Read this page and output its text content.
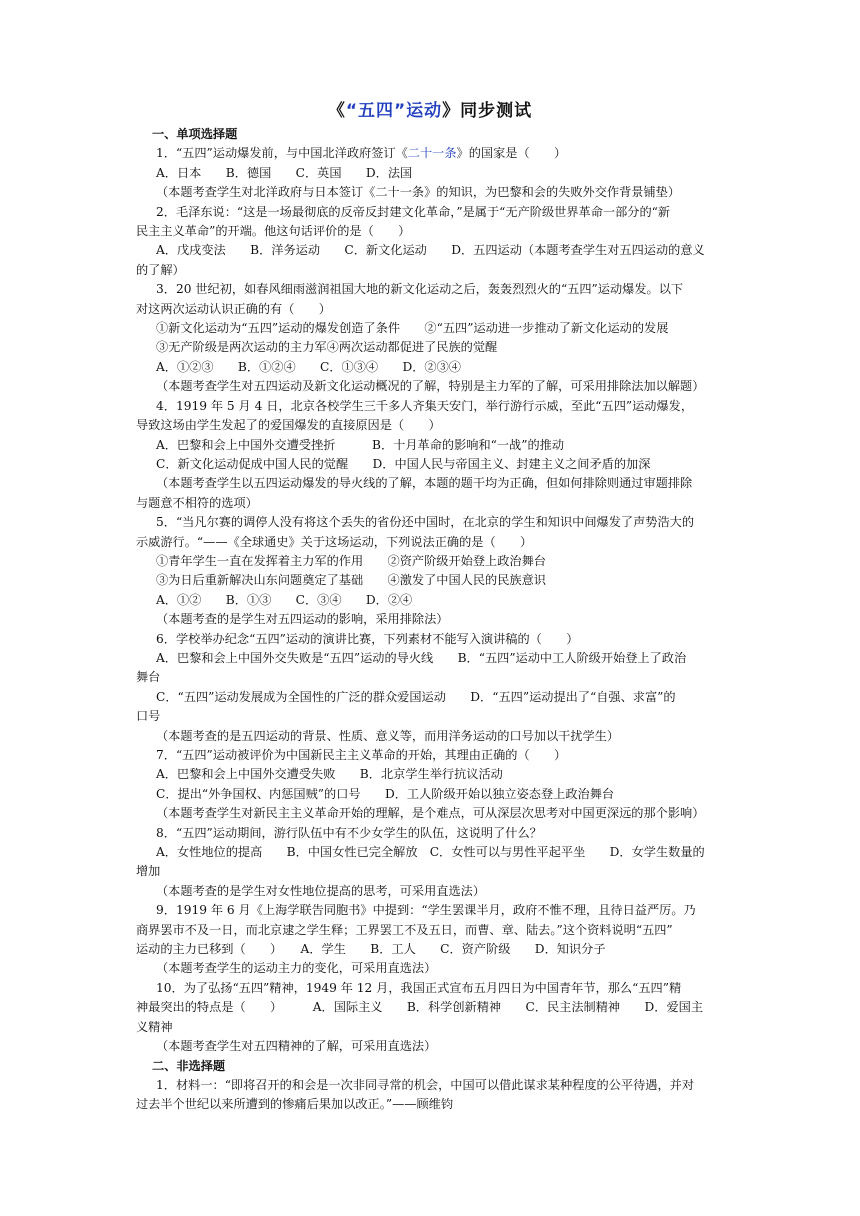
《“五四”运动》同步测试
一、单项选择题
1．“五四”运动爆发前，与中国北洋政府签订《二十一条》的国家是（　　）
A．日本　　B．德国　　C．英国　　D．法国
（本题考查学生对北洋政府与日本签订《二十一条》的知识，为巴黎和会的失败外交作背景铺垫）
2．毛泽东说：“这是一场最彻底的反帝反封建文化革命，”是属于“无产阶级世界革命一部分的“新
民主主义革命”的开端。他这句话评价的是（　　）
A．戊戌变法　　B．洋务运动　　C．新文化运动　　D．五四运动（本题考查学生对五四运动的意义
的了解）
3．20 世纪初，如春风细雨滋润祖国大地的新文化运动之后，轰轰烈烈火的“五四”运动爆发。以下
对这两次运动认识正确的有（　　）
①新文化运动为“五四”运动的爆发创造了条件　　②“五四”运动进一步推动了新文化运动的发展
③无产阶级是两次运动的主力军④两次运动都促进了民族的觉醒
A．①②③　　B．①②④　　C．①③④　　D．②③④
（本题考查学生对五四运动及新文化运动概况的了解，特别是主力军的了解，可采用排除法加以解题）
4．1919 年 5 月 4 日，北京各校学生三千多人齐集天安门，举行游行示威，至此“五四”运动爆发，
导致这场由学生发起了的爱国爆发的直接原因是（　　）
A．巴黎和会上中国外交遭受挫折　　　B．十月革命的影响和“一战”的推动
C．新文化运动促成中国人民的觉醒　　D．中国人民与帝国主义、封建主义之间矛盾的加深
（本题考查学生以五四运动爆发的导火线的了解，本题的题干均为正确，但如何排除则通过审题排除
与题意不相符的选项）
5．“当凡尔赛的调停人没有将这个丢失的省份还中国时，在北京的学生和知识中间爆发了声势浩大的
示威游行。“——《全球通史》关于这场运动，下列说法正确的是（　　）
①青年学生一直在发挥着主力军的作用　　②资产阶级开始登上政治舞台
③为日后重新解决山东问题奠定了基础　　④激发了中国人民的民族意识
A．①②　　B．①③　　C．③④　　D．②④
（本题考查的是学生对五四运动的影响，采用排除法）
6．学校举办纪念“五四”运动的演讲比赛，下列素材不能写入演讲稿的（　　）
A．巴黎和会上中国外交失败是“五四”运动的导火线　　B．“五四”运动中工人阶级开始登上了政治
舞台
C．“五四”运动发展成为全国性的广泛的群众爱国运动　　D．“五四”运动提出了“自强、求富”的
口号
（本题考查的是五四运动的背景、性质、意义等，而用洋务运动的口号加以干扰学生）
7．“五四”运动被评价为中国新民主主义革命的开始，其理由正确的（　　）
A．巴黎和会上中国外交遭受失败　　B．北京学生举行抗议活动
C．提出“外争国权、内惩国贼”的口号　　D．工人阶级开始以独立姿态登上政治舞台
（本题考查学生对新民主主义革命开始的理解，是个难点，可从深层次思考对中国更深远的那个影响）
8．“五四”运动期间，游行队伍中有不少女学生的队伍，这说明了什么？
A．女性地位的提高　　B．中国女性已完全解放　C．女性可以与男性平起平坐　　D．女学生数量的
增加
（本题考查的是学生对女性地位提高的思考，可采用直选法）
9．1919 年 6 月《上海学联告同胞书》中提到：“学生罢课半月，政府不惟不理，且待日益严厉。乃
商界罢市不及一日，而北京逮之学生释；工界罢工不及五日，而曹、章、陆去。”这个资料说明“五四”
运动的主力已移到（　　）　　A．学生　　B．工人　　C．资产阶级　　D．知识分子
（本题考查学生的运动主力的变化，可采用直选法）
10．为了弘扬“五四”精神，1949 年 12 月，我国正式宣布五月四日为中国青年节，那么“五四”精
神最突出的特点是（　　）　　　A．国际主义　　B．科学创新精神　　C．民主法制精神　　D．爱国主
义精神
（本题考查学生对五四精神的了解，可采用直选法）
二、非选择题
1．材料一：“即将召开的和会是一次非同寻常的机会，中国可以借此谋求某种程度的公平待遇，并对
过去半个世纪以来所遭到的惨痛后果加以改正。”——顾维钧
